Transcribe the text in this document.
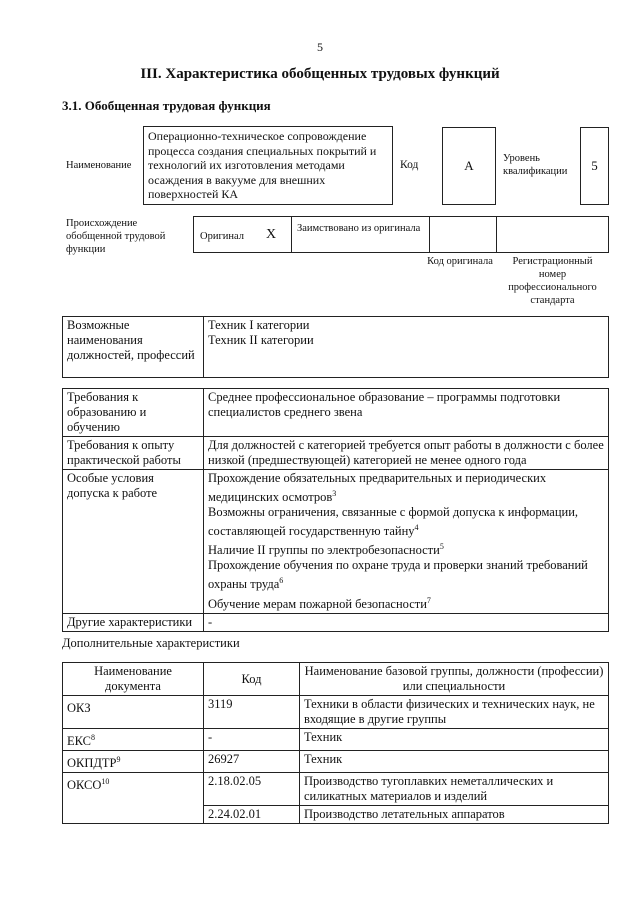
5
III. Характеристика обобщенных трудовых функций
3.1. Обобщенная трудовая функция
Наименование
Операционно-техническое сопровождение процесса создания специальных покрытий и технологий их изготовления методами осаждения в вакууме для внешних поверхностей КА
Код	А	Уровень квалификации	5
Происхождение обобщенной трудовой функции
Оригинал X Заимствовано из оригинала
Код оригинала	Регистрационный номер профессионального стандарта
Возможные наименования должностей, профессий	
Техник I категории
Техник II категории
Требования к образованию и обучению	Среднее профессиональное образование – программы подготовки специалистов среднего звена
Требования к опыту практической работы	Для должностей с категорией требуется опыт работы в должности с более низкой (предшествующей) категорией не менее одного года
Особые условия допуска к работе	Прохождение обязательных предварительных и периодических медицинских осмотров$^3$
Возможны ограничения, связанные с формой допуска к информации, составляющей государственную тайну$^4$
Наличие II группы по электробезопасности$^5$
Прохождение обучения по охране труда и проверки знаний требований охраны труда$^6$
Обучение мерам пожарной безопасности$^7$

Другие характеристики	-
Дополнительные характеристики
Наименование документа	Код	Наименование базовой группы, должности (профессии) или специальности
ОКЗ	3119	Техники в области физических и технических наук, не входящие в другие группы
ЕКС$^8$	-	Техник
ОКПДТР$^9$	26927	Техник
ОКСО$^{10}$	2.18.02.05	Производство тугоплавких неметаллических и силикатных материалов и изделий
	2.24.02.01	Производство летательных аппаратов
